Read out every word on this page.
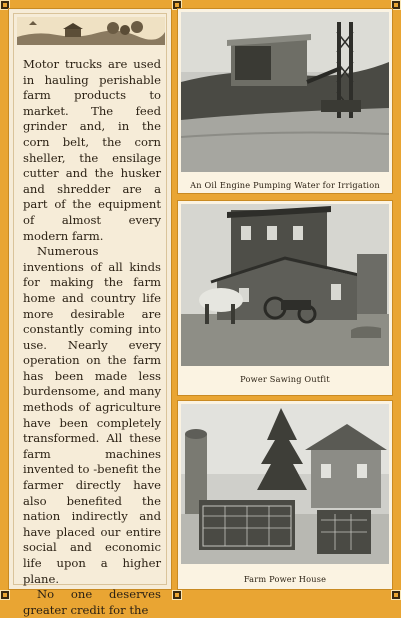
Motor trucks are used in hauling perishable farm products to market. The feed grinder and, in the corn belt, the corn sheller, the ensilage cutter and the husker and shredder are a part of the equipment of almost every modern farm.

Numerous inventions of all kinds for making the farm home and country life more desirable are constantly coming into use. Nearly every operation on the farm has been made less burdensome, and many methods of agriculture have been completely transformed. All these farm machines invented to -benefit the farmer directly have also benefited the nation indirectly and have placed our entire social and economic life upon a higher plane.

No one deserves greater credit for the

An Oil Engine Pumping Water for Irrigation
Power Sawing Outfit
Farm Power House
